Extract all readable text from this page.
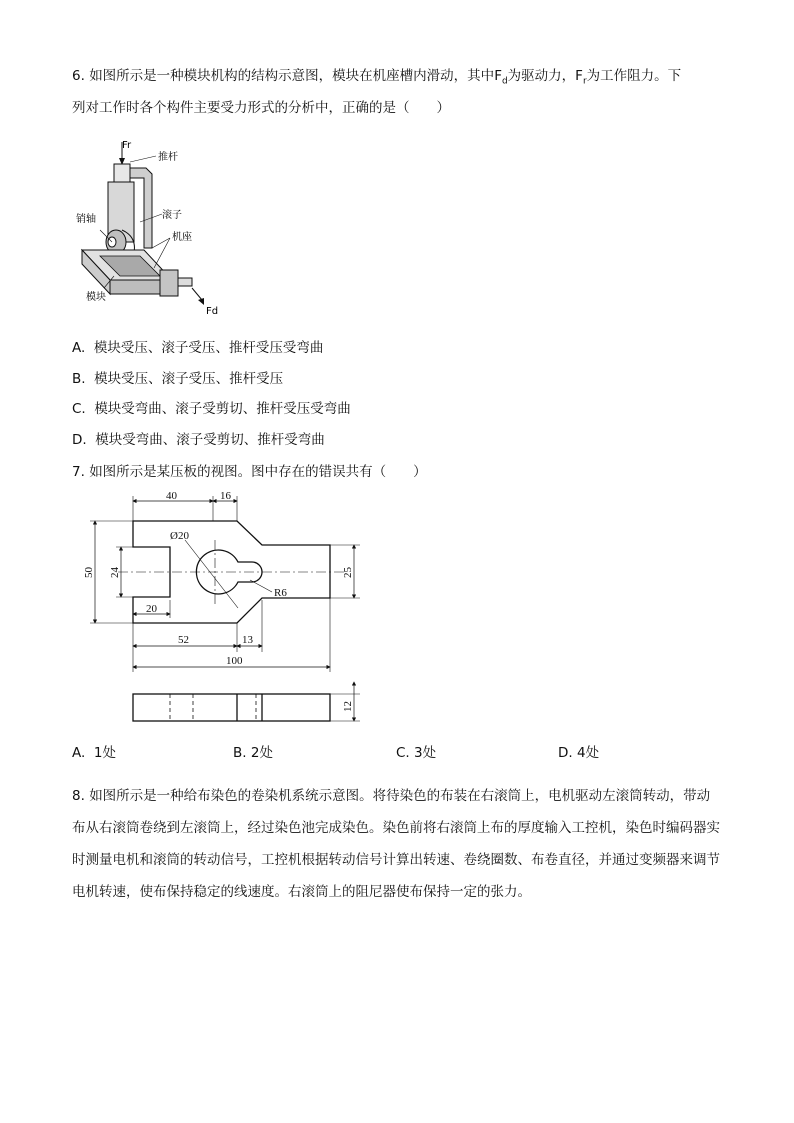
6. 如图所示是一种模块机构的结构示意图，模块在机座槽内滑动，其中$F_d$为驱动力，$F_r$为工作阻力。下
列对工作时各个构件主要受力形式的分析中，正确的是（　　）
Fr
推杆
销轴	滚子
机座
模块
Fd
A. 模块受压、滚子受压、推杆受压受弯曲
B. 模块受压、滚子受压、推杆受压
C. 模块受弯曲、滚子受剪切、推杆受压受弯曲
D. 模块受弯曲、滚子受剪切、推杆受弯曲
7. 如图所示是某压板的视图。图中存在的错误共有（　　）
40	16
Ø20
50 24	25
R6
20
52	13
100
12
A. 1处	B. 2处	C. 3处	D. 4处
8. 如图所示是一种给布染色的卷染机系统示意图。将待染色的布装在右滚筒上，电机驱动左滚筒转动，带动布从右滚筒卷绕到左滚筒上，经过染色池完成染色。染色前将右滚筒上布的厚度输入工控机，染色时编码器实时测量电机和滚筒的转动信号，工控机根据转动信号计算出转速、卷绕圈数、布卷直径，并通过变频器来调节电机转速，使布保持稳定的线速度。右滚筒上的阻尼器使布保持一定的张力。
